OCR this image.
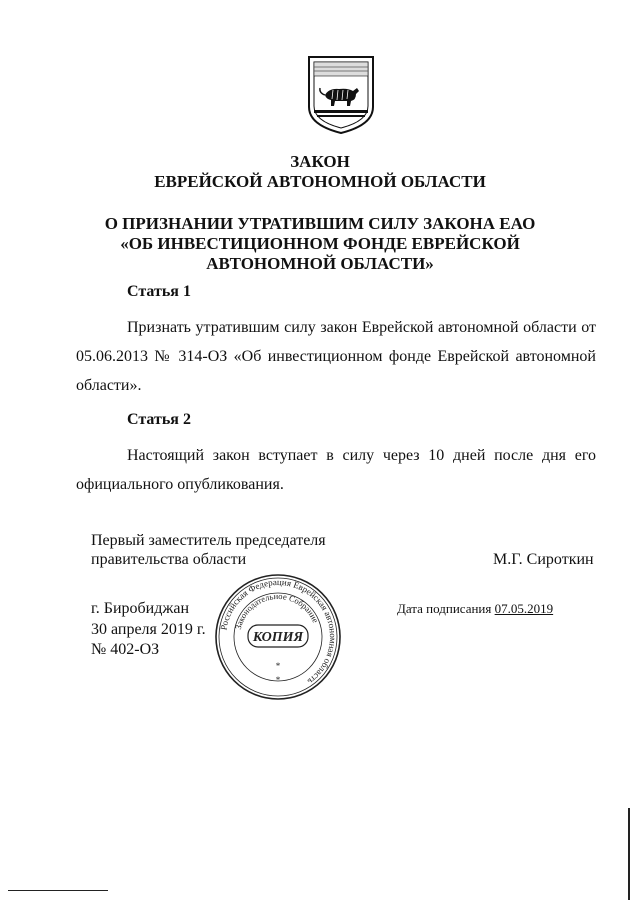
ЗАКОН
ЕВРЕЙСКОЙ АВТОНОМНОЙ ОБЛАСТИ
О ПРИЗНАНИИ УТРАТИВШИМ СИЛУ ЗАКОНА ЕАО
«ОБ ИНВЕСТИЦИОННОМ ФОНДЕ ЕВРЕЙСКОЙ
АВТОНОМНОЙ ОБЛАСТИ»
Статья 1
Признать утратившим силу закон Еврейской автономной области от 05.06.2013 № 314-ОЗ «Об инвестиционном фонде Еврейской автономной области».
Статья 2
Настоящий закон вступает в силу через 10 дней после дня его официального опубликования.
Первый заместитель председателя
правительства области	М.Г. Сироткин
г. Биробиджан
30 апреля 2019 г.
№ 402-ОЗ
Дата подписания 07.05.2019
Российская Федерация Еврейская автономная область
Законодательное Собрание
КОПИЯ
*
*
